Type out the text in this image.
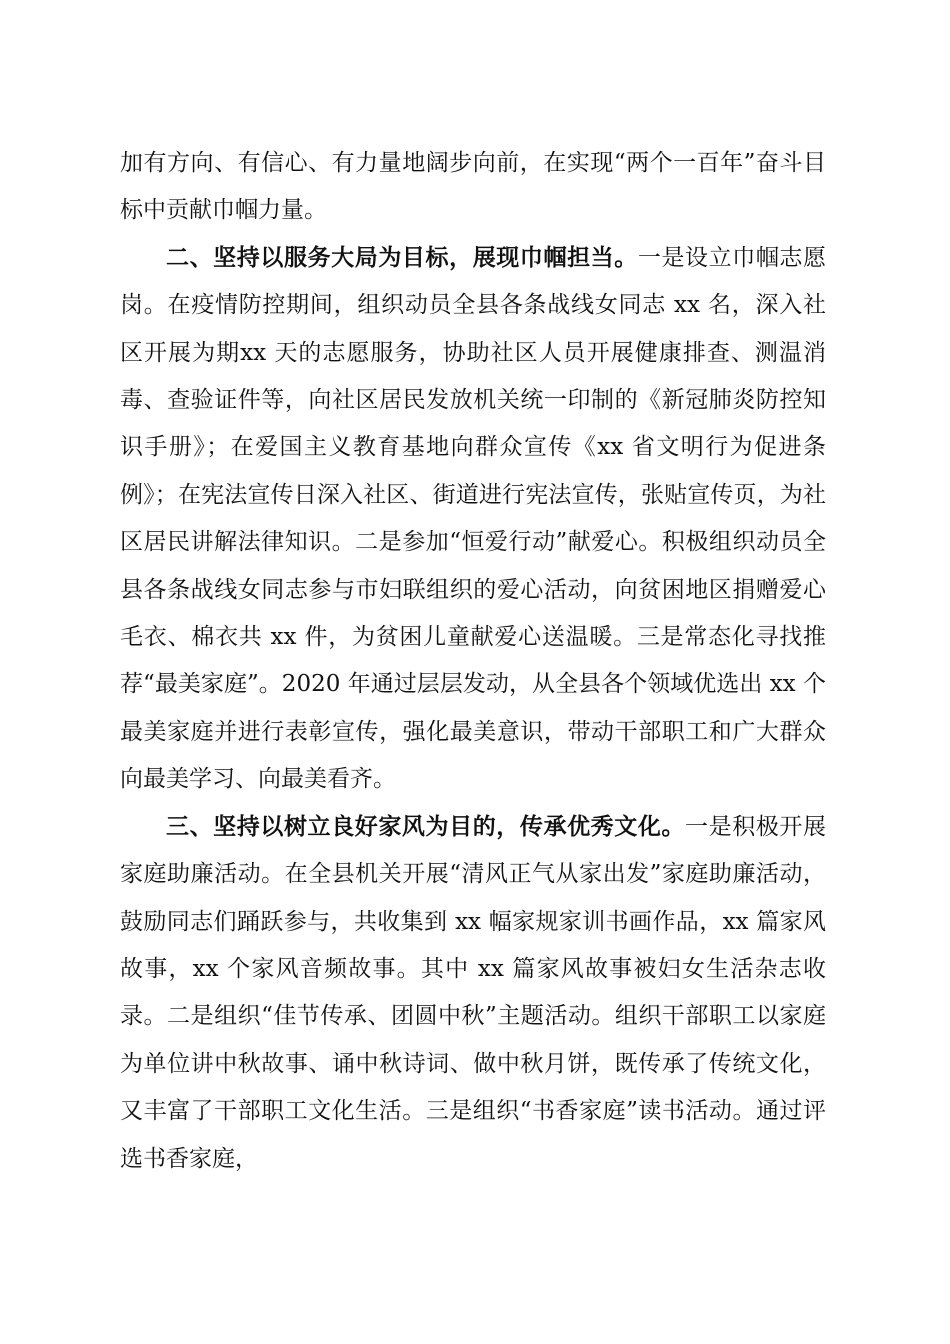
加有方向、有信心、有力量地阔步向前，在实现“两个一百年”奋斗目标中贡献巾帼力量。

二、坚持以服务大局为目标，展现巾帼担当。一是设立巾帼志愿岗。在疫情防控期间，组织动员全县各条战线女同志 xx 名，深入社区开展为期xx 天的志愿服务，协助社区人员开展健康排查、测温消毒、查验证件等，向社区居民发放机关统一印制的《新冠肺炎防控知识手册》；在爱国主义教育基地向群众宣传《xx 省文明行为促进条例》；在宪法宣传日深入社区、街道进行宪法宣传，张贴宣传页，为社区居民讲解法律知识。二是参加“恒爱行动”献爱心。积极组织动员全县各条战线女同志参与市妇联组织的爱心活动，向贫困地区捐赠爱心毛衣、棉衣共 xx 件，为贫困儿童献爱心送温暖。三是常态化寻找推荐“最美家庭”。2020 年通过层层发动，从全县各个领域优选出 xx 个最美家庭并进行表彰宣传，强化最美意识，带动干部职工和广大群众向最美学习、向最美看齐。

三、坚持以树立良好家风为目的，传承优秀文化。一是积极开展家庭助廉活动。在全县机关开展“清风正气从家出发”家庭助廉活动，鼓励同志们踊跃参与，共收集到 xx 幅家规家训书画作品，xx 篇家风故事，xx 个家风音频故事。其中 xx 篇家风故事被妇女生活杂志收录。二是组织“佳节传承、团圆中秋”主题活动。组织干部职工以家庭为单位讲中秋故事、诵中秋诗词、做中秋月饼，既传承了传统文化，又丰富了干部职工文化生活。三是组织“书香家庭”读书活动。通过评选书香家庭，
